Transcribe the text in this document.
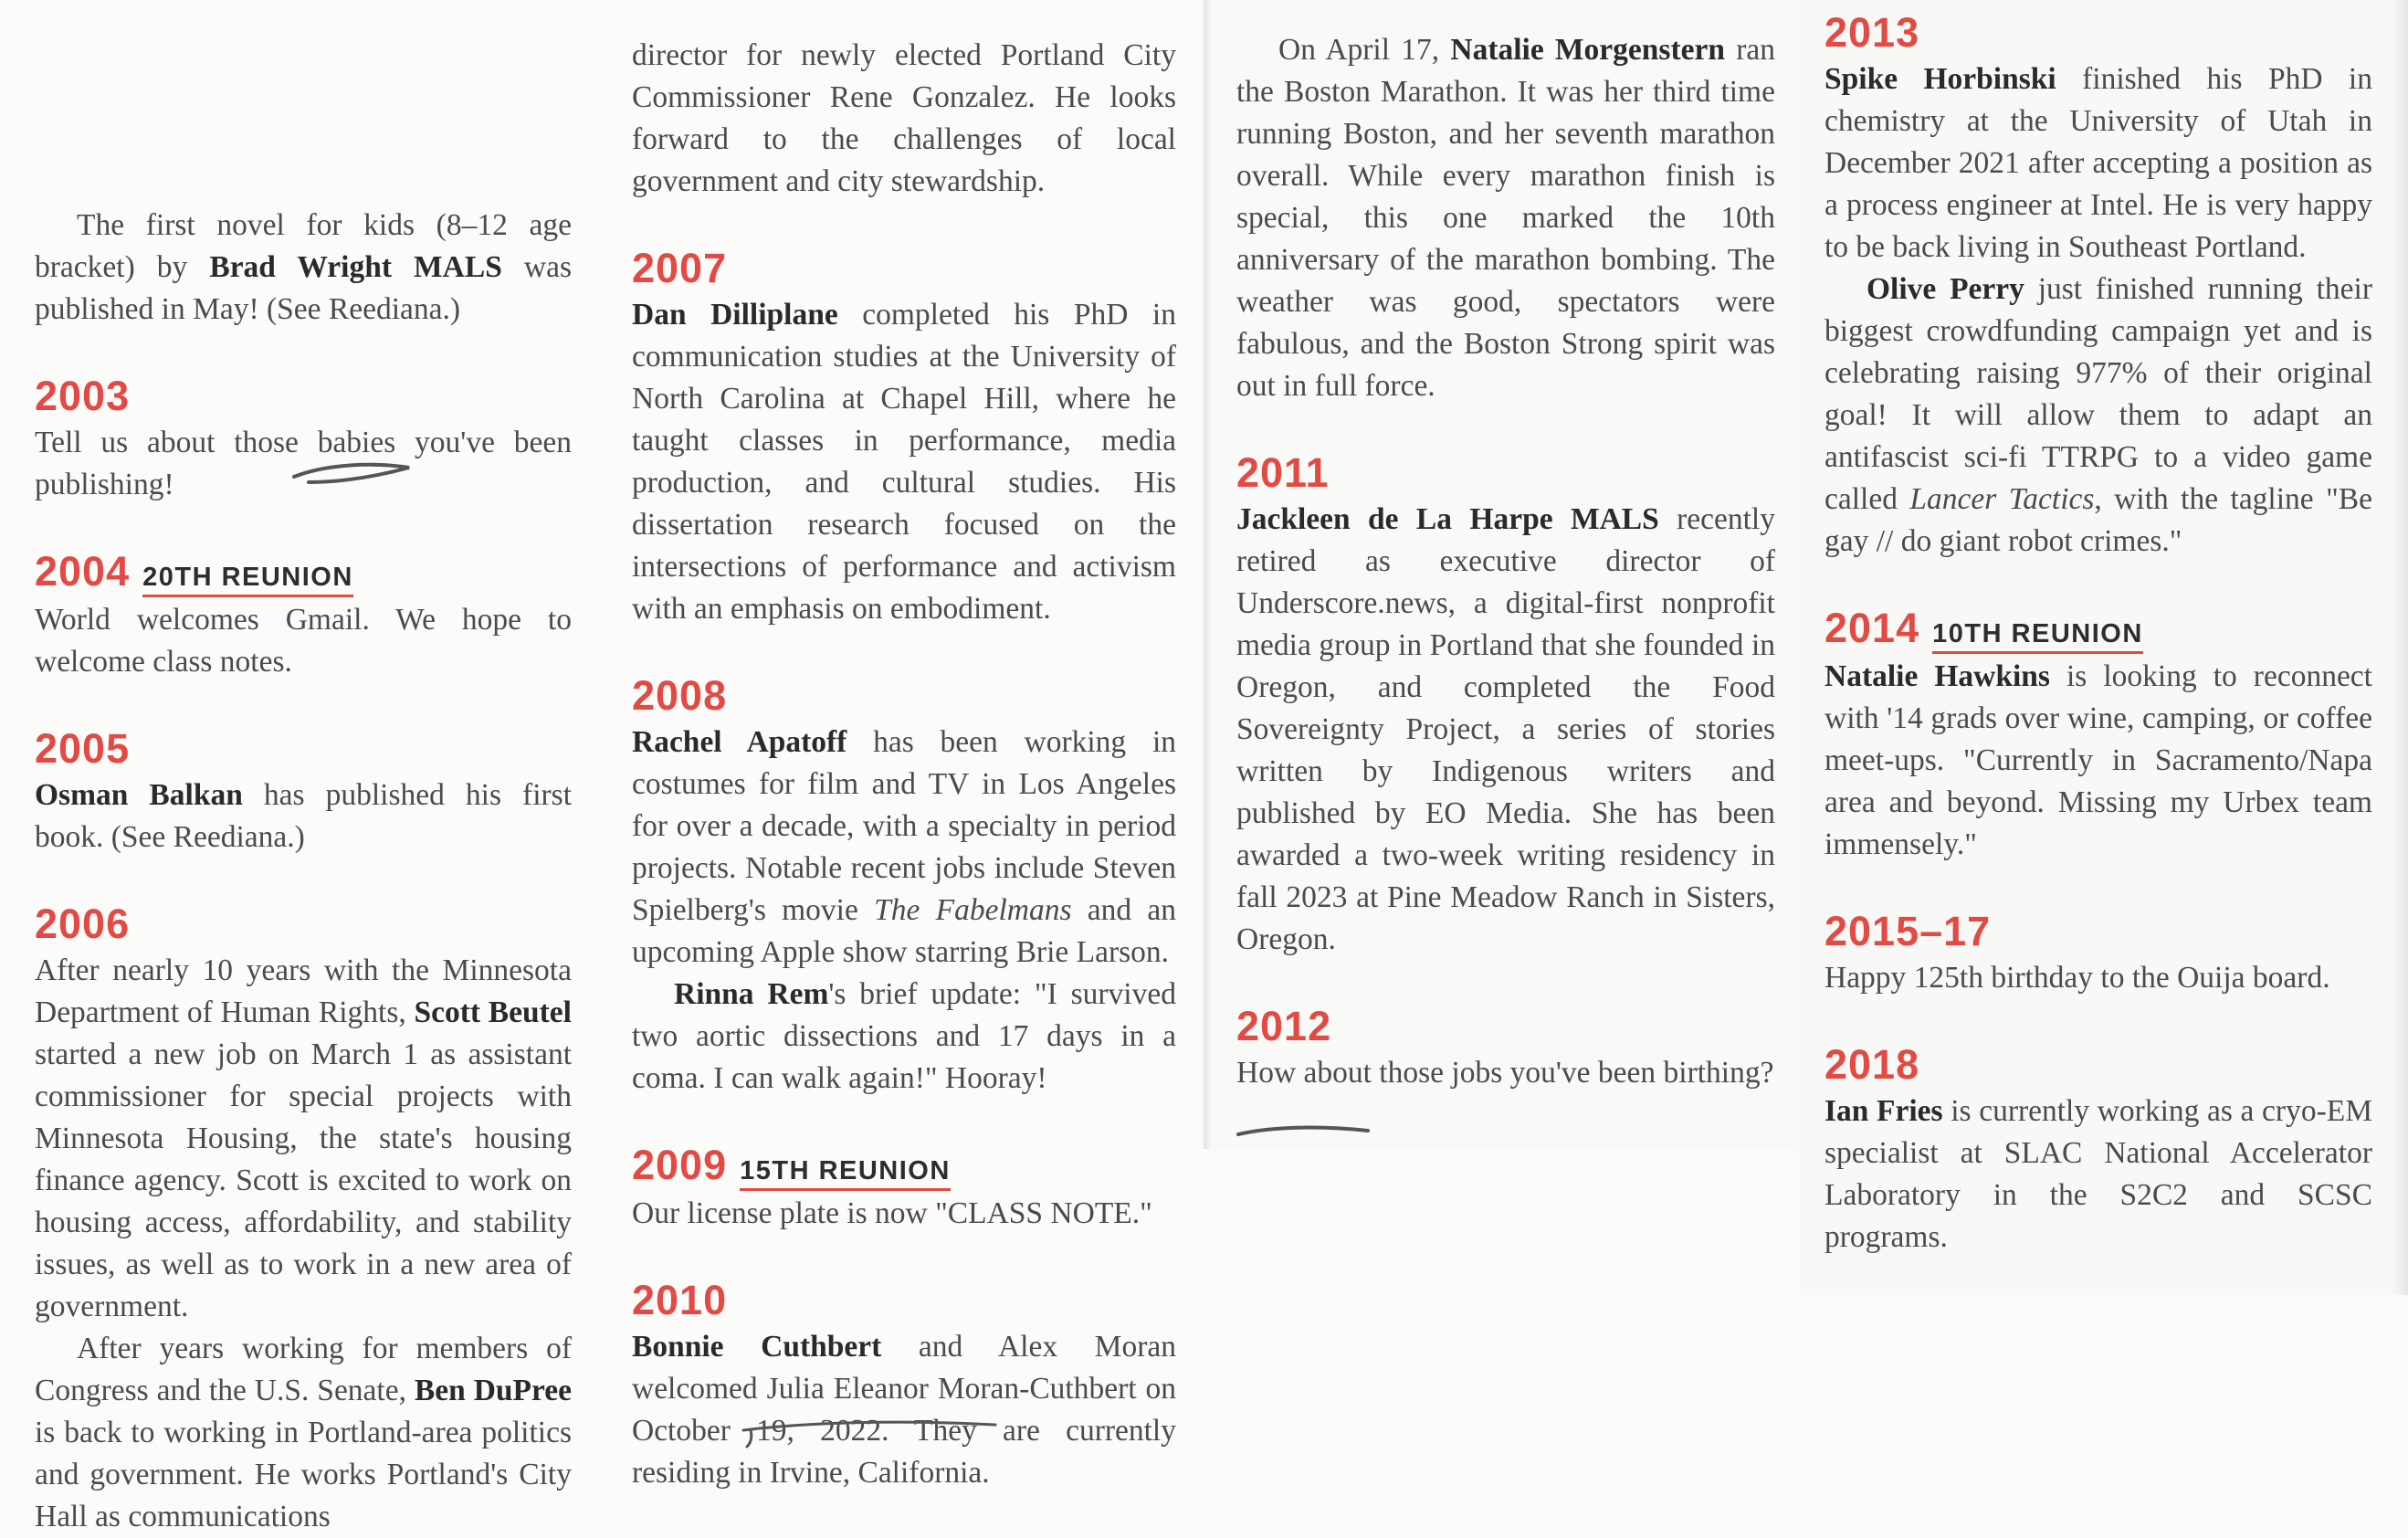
The first novel for kids (8–12 age bracket) by Brad Wright MALS was published in May! (See Reediana.)

2003

Tell us about those babies you've been publishing!

2004 20TH REUNION

World welcomes Gmail. We hope to welcome class notes.

2005

Osman Balkan has published his first book. (See Reediana.)

2006

After nearly 10 years with the Minnesota Department of Human Rights, Scott Beutel started a new job on March 1 as assistant commissioner for special projects with Minnesota Housing, the state's housing finance agency. Scott is excited to work on housing access, affordability, and stability issues, as well as to work in a new area of government.

After years working for members of Congress and the U.S. Senate, Ben DuPree is back to working in Portland-area politics and government. He works Portland's City Hall as communications

director for newly elected Portland City Commissioner Rene Gonzalez. He looks forward to the challenges of local government and city stewardship.

2007

Dan Dilliplane completed his PhD in communication studies at the University of North Carolina at Chapel Hill, where he taught classes in performance, media production, and cultural studies. His dissertation research focused on the intersections of performance and activism with an emphasis on embodiment.

2008

Rachel Apatoff has been working in costumes for film and TV in Los Angeles for over a decade, with a specialty in period projects. Notable recent jobs include Steven Spielberg's movie The Fabelmans and an upcoming Apple show starring Brie Larson.

Rinna Rem's brief update: "I survived two aortic dissections and 17 days in a coma. I can walk again!" Hooray!

2009 15TH REUNION

Our license plate is now "CLASS NOTE."

2010

Bonnie Cuthbert and Alex Moran welcomed Julia Eleanor Moran-Cuthbert on October 19, 2022. They are currently residing in Irvine, California.

On April 17, Natalie Morgenstern ran the Boston Marathon. It was her third time running Boston, and her seventh marathon overall. While every marathon finish is special, this one marked the 10th anniversary of the marathon bombing. The weather was good, spectators were fabulous, and the Boston Strong spirit was out in full force.

2011

Jackleen de La Harpe MALS recently retired as executive director of Underscore.news, a digital-first nonprofit media group in Portland that she founded in Oregon, and completed the Food Sovereignty Project, a series of stories written by Indigenous writers and published by EO Media. She has been awarded a two-week writing residency in fall 2023 at Pine Meadow Ranch in Sisters, Oregon.

2012

How about those jobs you've been birthing?

2013

Spike Horbinski finished his PhD in chemistry at the University of Utah in December 2021 after accepting a position as a process engineer at Intel. He is very happy to be back living in Southeast Portland.

Olive Perry just finished running their biggest crowdfunding campaign yet and is celebrating raising 977% of their original goal! It will allow them to adapt an antifascist sci-fi TTRPG to a video game called Lancer Tactics, with the tagline "Be gay // do giant robot crimes."

2014 10TH REUNION

Natalie Hawkins is looking to reconnect with '14 grads over wine, camping, or coffee meet-ups. "Currently in Sacramento/Napa area and beyond. Missing my Urbex team immensely."

2015–17

Happy 125th birthday to the Ouija board.

2018

Ian Fries is currently working as a cryo-EM specialist at SLAC National Accelerator Laboratory in the S2C2 and SCSC programs.
